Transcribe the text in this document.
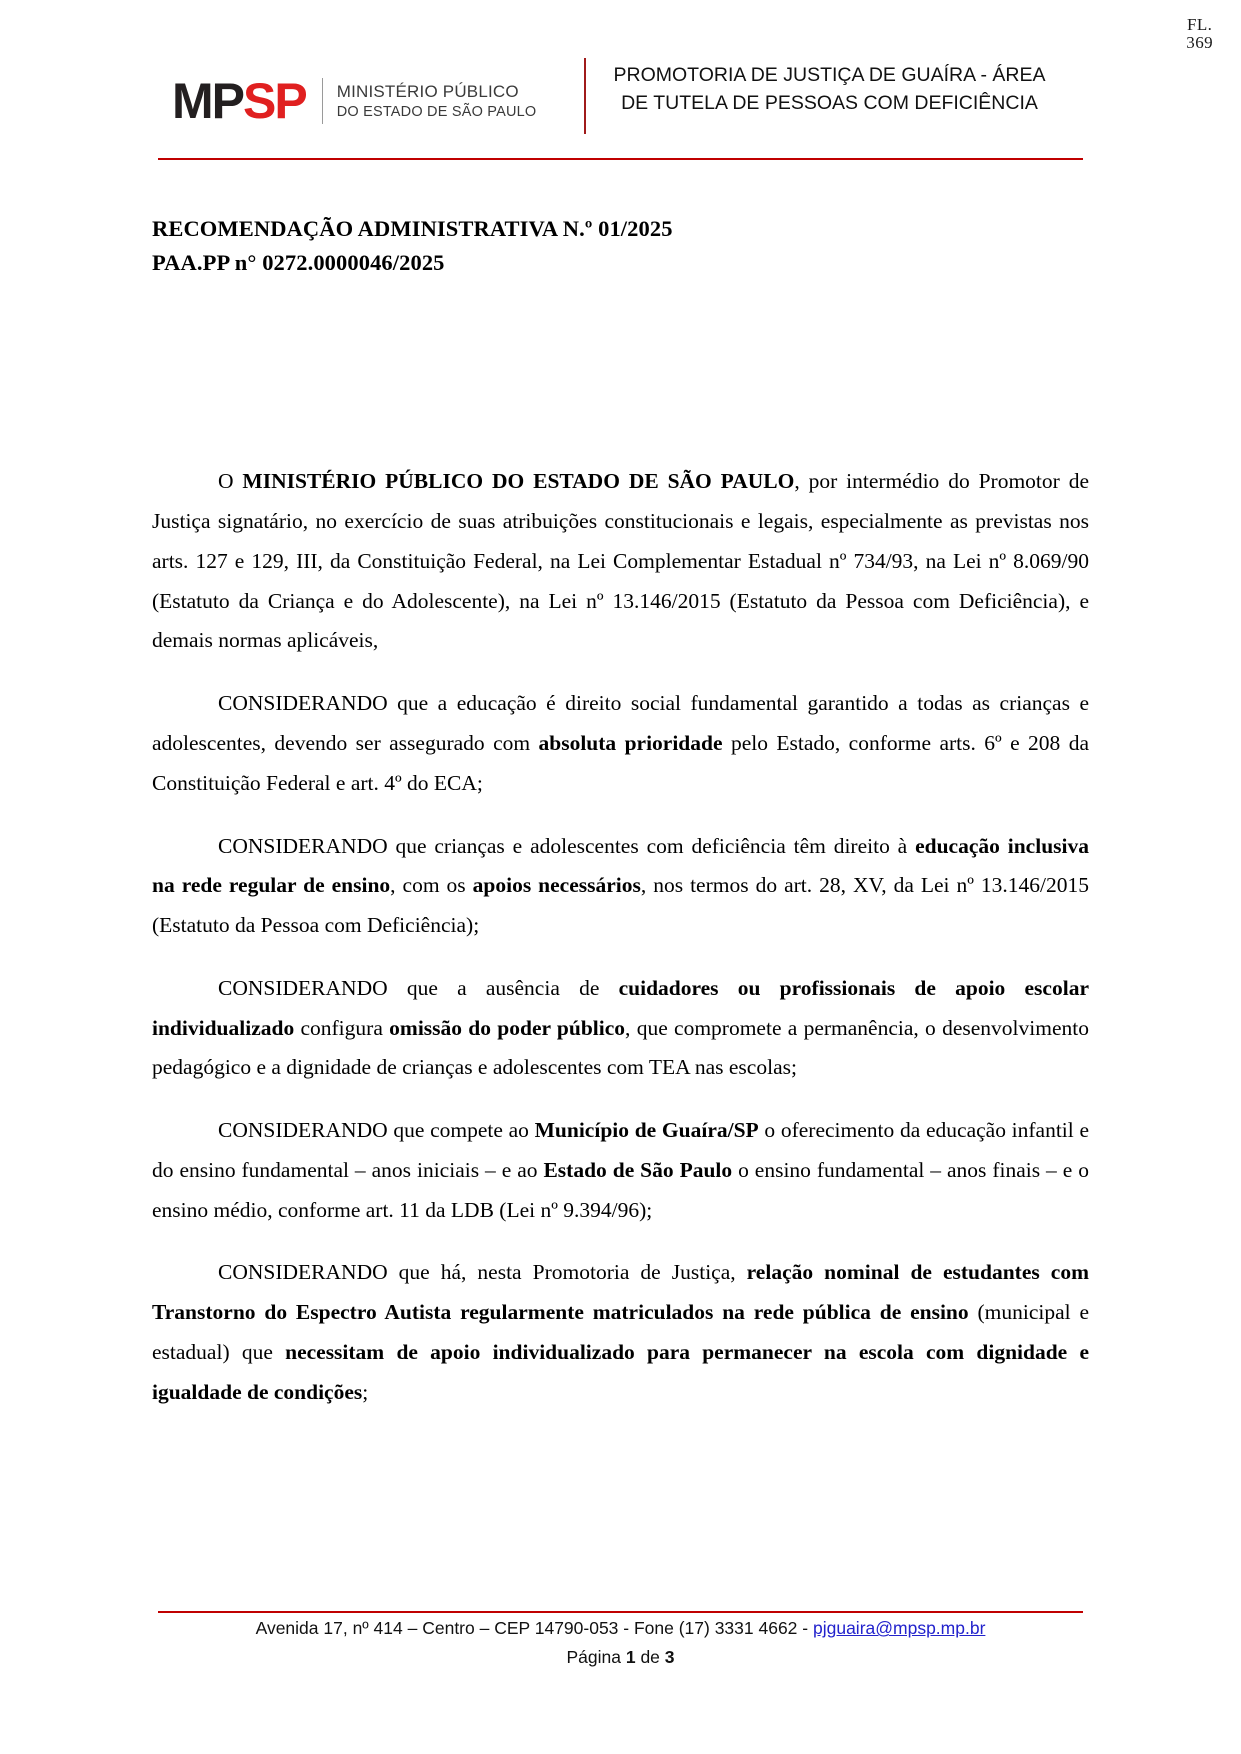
FL.
369
MPSP MINISTÉRIO PÚBLICO
DO ESTADO DE SÃO PAULO
PROMOTORIA DE JUSTIÇA DE GUAÍRA - ÁREA DE TUTELA DE PESSOAS COM DEFICIÊNCIA
RECOMENDAÇÃO ADMINISTRATIVA N.º 01/2025
PAA.PP n° 0272.0000046/2025

O MINISTÉRIO PÚBLICO DO ESTADO DE SÃO PAULO, por intermédio do Promotor de Justiça signatário, no exercício de suas atribuições constitucionais e legais, especialmente as previstas nos arts. 127 e 129, III, da Constituição Federal, na Lei Complementar Estadual nº 734/93, na Lei nº 8.069/90 (Estatuto da Criança e do Adolescente), na Lei nº 13.146/2015 (Estatuto da Pessoa com Deficiência), e demais normas aplicáveis,

CONSIDERANDO que a educação é direito social fundamental garantido a todas as crianças e adolescentes, devendo ser assegurado com absoluta prioridade pelo Estado, conforme arts. 6º e 208 da Constituição Federal e art. 4º do ECA;

CONSIDERANDO que crianças e adolescentes com deficiência têm direito à educação inclusiva na rede regular de ensino, com os apoios necessários, nos termos do art. 28, XV, da Lei nº 13.146/2015 (Estatuto da Pessoa com Deficiência);

CONSIDERANDO que a ausência de cuidadores ou profissionais de apoio escolar individualizado configura omissão do poder público, que compromete a permanência, o desenvolvimento pedagógico e a dignidade de crianças e adolescentes com TEA nas escolas;

CONSIDERANDO que compete ao Município de Guaíra/SP o oferecimento da educação infantil e do ensino fundamental – anos iniciais – e ao Estado de São Paulo o ensino fundamental – anos finais – e o ensino médio, conforme art. 11 da LDB (Lei nº 9.394/96);

CONSIDERANDO que há, nesta Promotoria de Justiça, relação nominal de estudantes com Transtorno do Espectro Autista regularmente matriculados na rede pública de ensino (municipal e estadual) que necessitam de apoio individualizado para permanecer na escola com dignidade e igualdade de condições;

Avenida 17, nº 414 – Centro – CEP 14790-053 - Fone (17) 3331 4662 - pjguaira@mpsp.mp.br
Página 1 de 3
